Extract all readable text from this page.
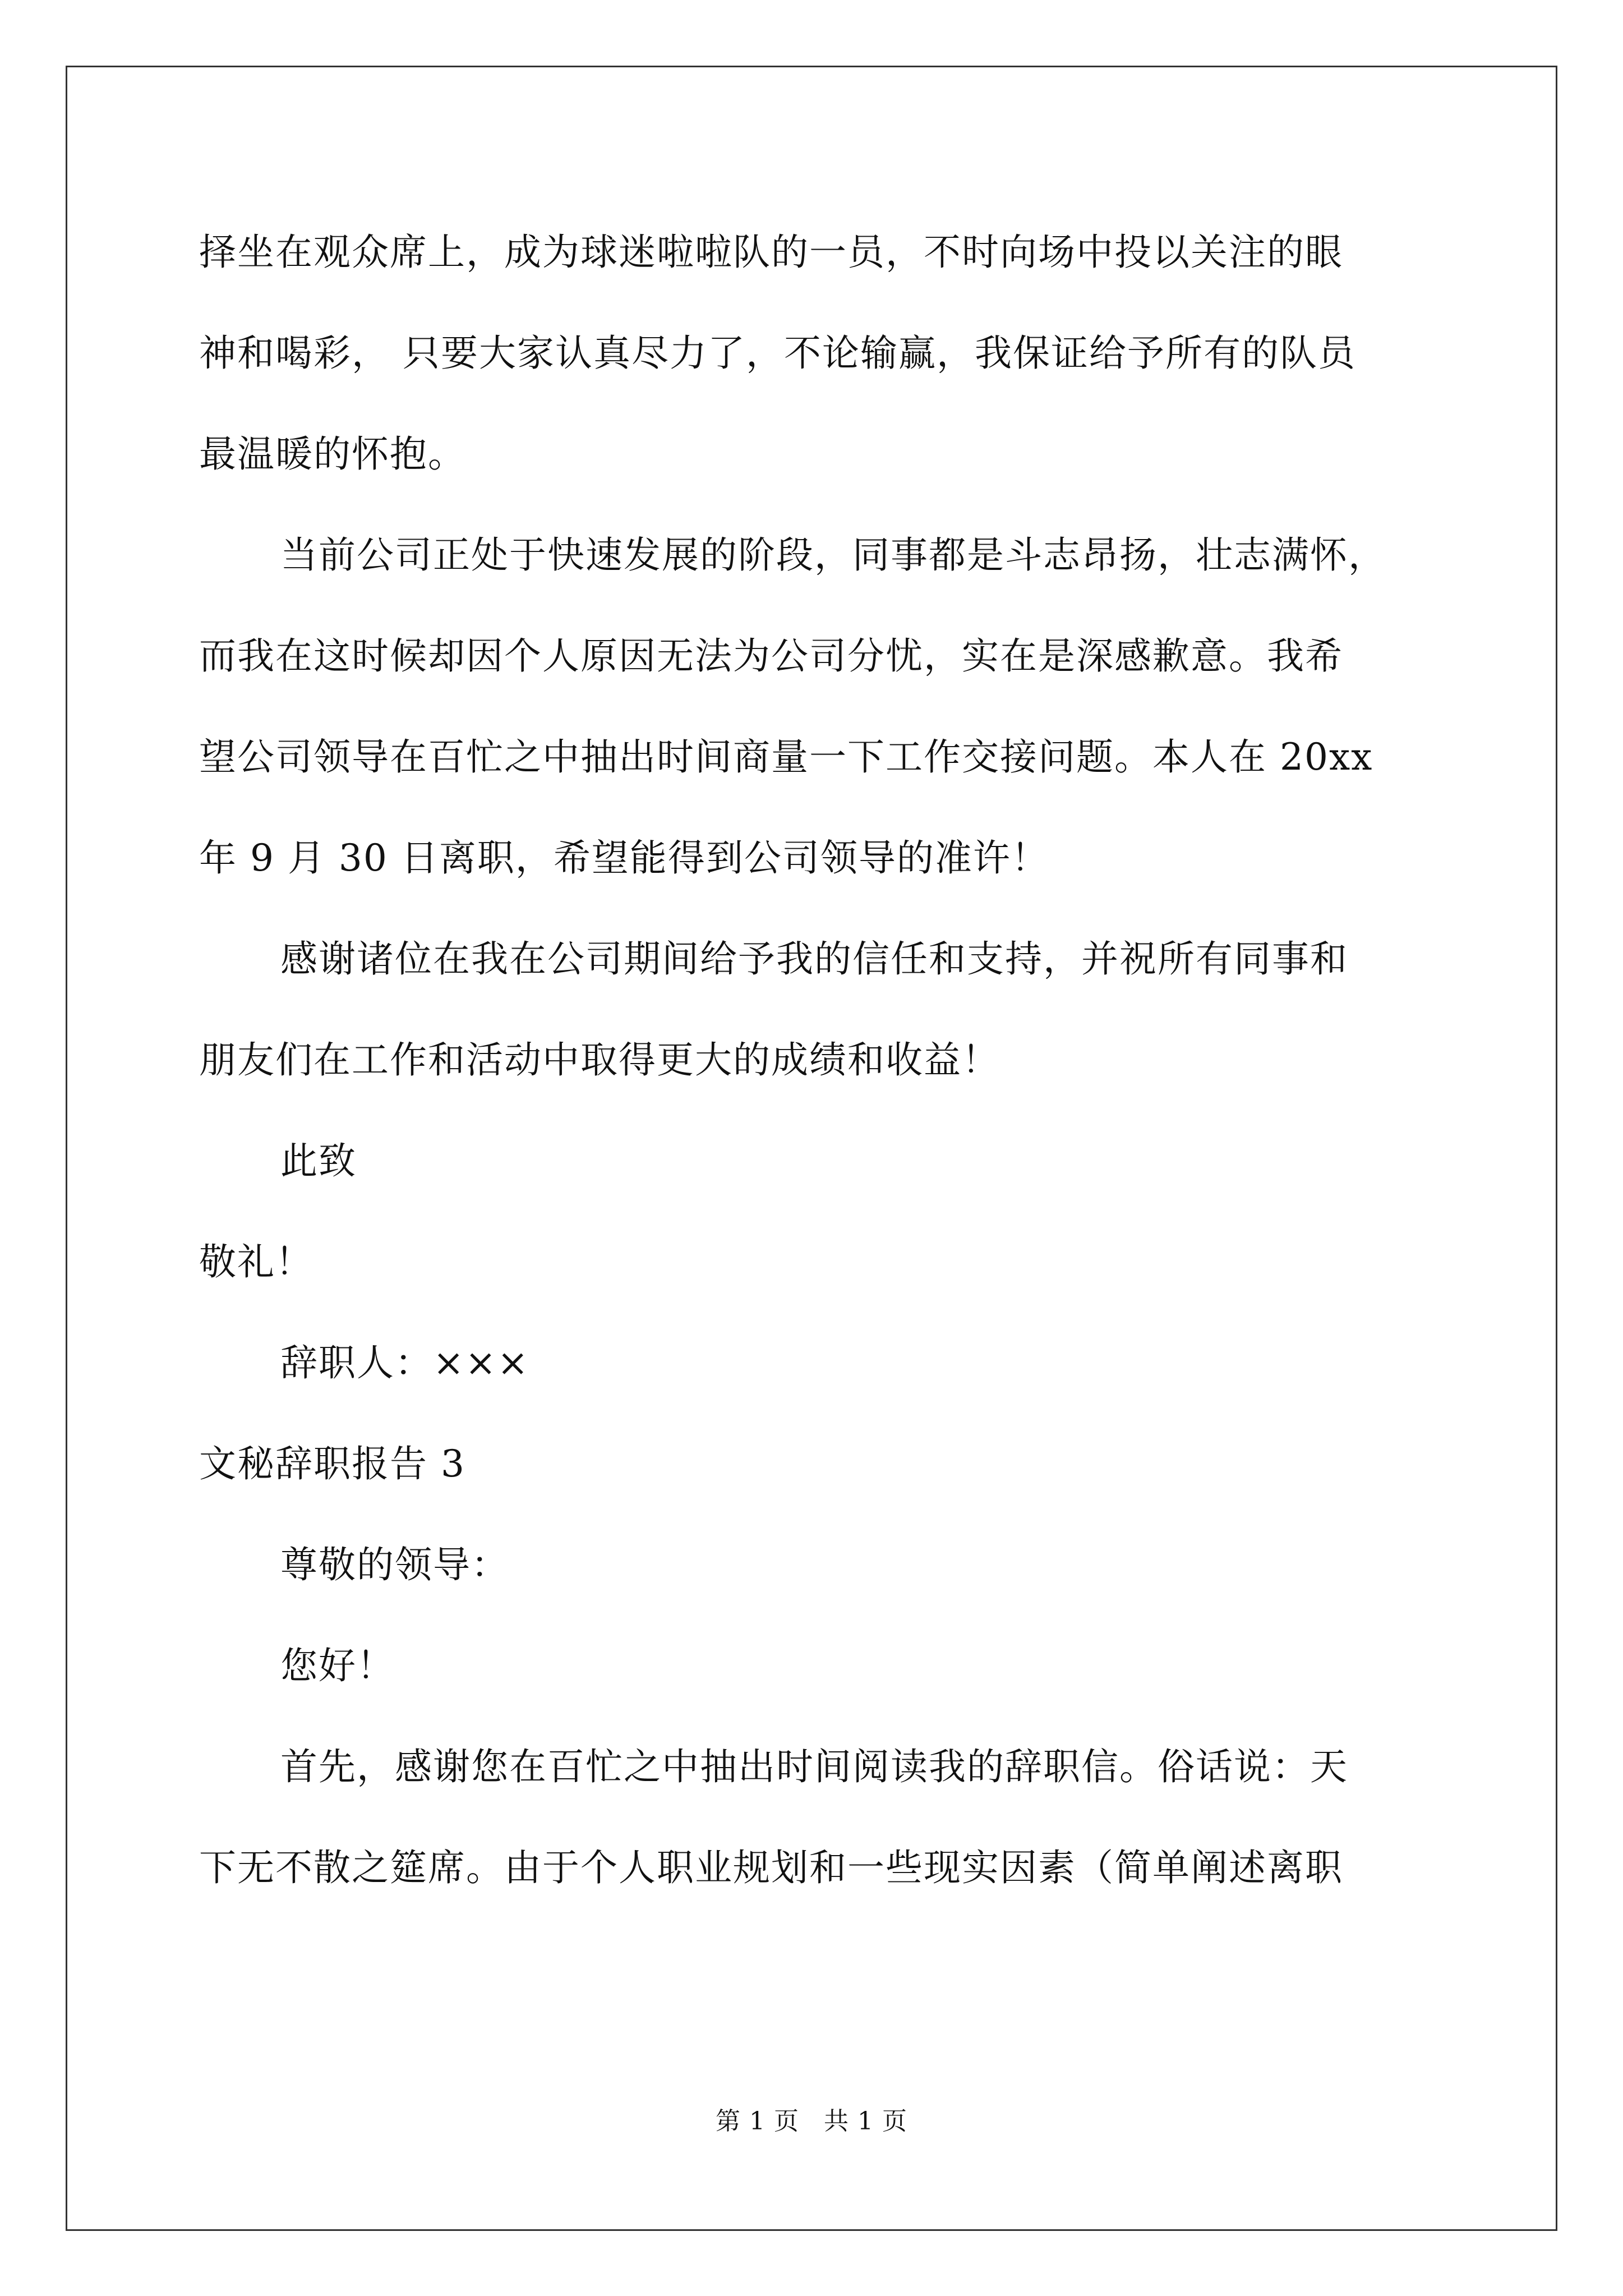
择坐在观众席上，成为球迷啦啦队的一员，不时向场中投以关注的眼
神和喝彩， 只要大家认真尽力了，不论输赢，我保证给予所有的队员
最温暖的怀抱。
当前公司正处于快速发展的阶段，同事都是斗志昂扬，壮志满怀，
而我在这时候却因个人原因无法为公司分忧，实在是深感歉意。我希
望公司领导在百忙之中抽出时间商量一下工作交接问题。本人在 20xx
年 9 月 30 日离职，希望能得到公司领导的准许！
感谢诸位在我在公司期间给予我的信任和支持，并祝所有同事和
朋友们在工作和活动中取得更大的成绩和收益！
此致
敬礼！
辞职人：×××
文秘辞职报告 3
尊敬的领导：
您好！
首先，感谢您在百忙之中抽出时间阅读我的辞职信。俗话说：天
下无不散之筵席。由于个人职业规划和一些现实因素（简单阐述离职
第 1 页 共 1 页
